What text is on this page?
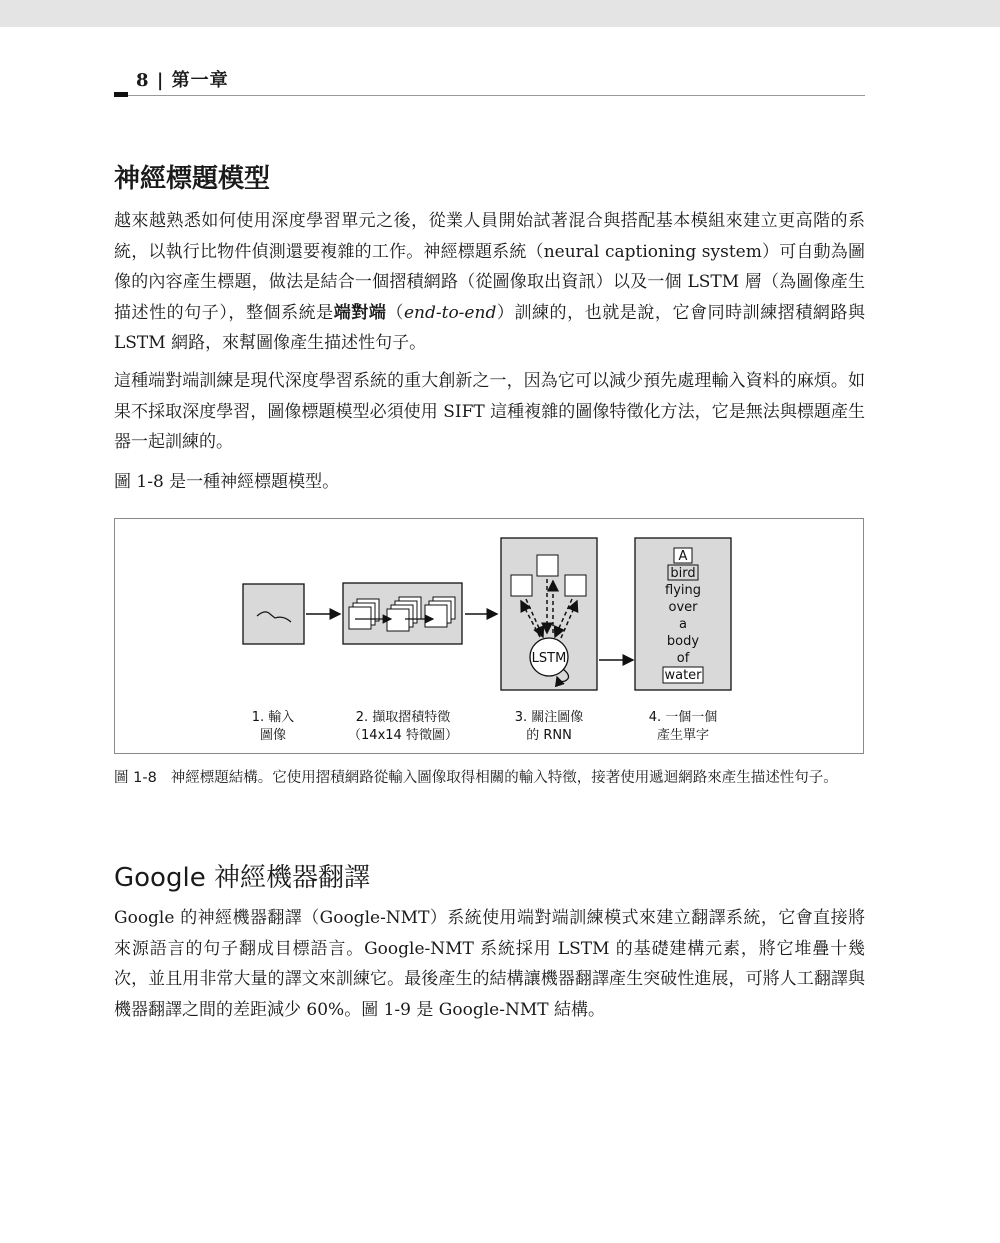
8 | 第一章
神經標題模型

越來越熟悉如何使用深度學習單元之後，從業人員開始試著混合與搭配基本模組來建立更高階的系統，以執行比物件偵測還要複雜的工作。神經標題系統（neural captioning system）可自動為圖像的內容產生標題，做法是結合一個摺積網路（從圖像取出資訊）以及一個 LSTM 層（為圖像產生描述性的句子），整個系統是端對端（end-to-end）訓練的，也就是說，它會同時訓練摺積網路與 LSTM 網路，來幫圖像產生描述性句子。

這種端對端訓練是現代深度學習系統的重大創新之一，因為它可以減少預先處理輸入資料的麻煩。如果不採取深度學習，圖像標題模型必須使用 SIFT 這種複雜的圖像特徵化方法，它是無法與標題產生器一起訓練的。

圖 1-8 是一種神經標題模型。

LSTM
A
bird
flying
over
a
body
of
water
1. 輸入
圖像
2. 擷取摺積特徵
（14x14 特徵圖）
3. 關注圖像
的 RNN
4. 一個一個
產生單字

圖 1-8 神經標題結構。它使用摺積網路從輸入圖像取得相關的輸入特徵，接著使用遞迴網路來產生描述性句子。

Google 神經機器翻譯

Google 的神經機器翻譯（Google-NMT）系統使用端對端訓練模式來建立翻譯系統，它會直接將來源語言的句子翻成目標語言。Google-NMT 系統採用 LSTM 的基礎建構元素，將它堆疊十幾次，並且用非常大量的譯文來訓練它。最後產生的結構讓機器翻譯產生突破性進展，可將人工翻譯與機器翻譯之間的差距減少 60%。圖 1-9 是 Google-NMT 結構。
